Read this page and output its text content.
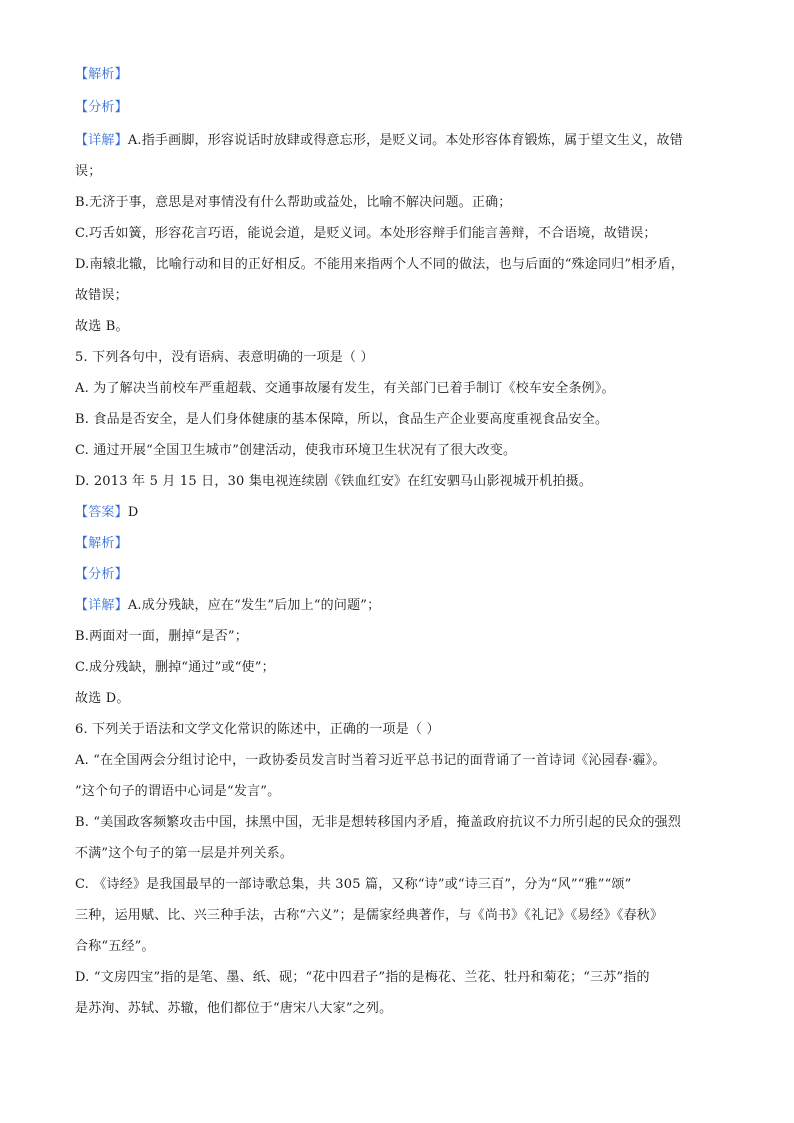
【解析】
【分析】
【详解】A.指手画脚，形容说话时放肆或得意忘形，是贬义词。本处形容体育锻炼，属于望文生义，故错
误；
B.无济于事，意思是对事情没有什么帮助或益处，比喻不解决问题。正确；
C.巧舌如簧，形容花言巧语，能说会道，是贬义词。本处形容辩手们能言善辩，不合语境，故错误；
D.南辕北辙，比喻行动和目的正好相反。不能用来指两个人不同的做法，也与后面的“殊途同归”相矛盾，
故错误；
故选 B。
5. 下列各句中，没有语病、表意明确的一项是（ ）
A. 为了解决当前校车严重超载、交通事故屡有发生，有关部门已着手制订《校车安全条例》。
B. 食品是否安全，是人们身体健康的基本保障，所以，食品生产企业要高度重视食品安全。
C. 通过开展“全国卫生城市”创建活动，使我市环境卫生状况有了很大改变。
D. 2013 年 5 月 15 日，30 集电视连续剧《铁血红安》在红安驷马山影视城开机拍摄。
【答案】D
【解析】
【分析】
【详解】A.成分残缺，应在“发生”后加上“的问题”；
B.两面对一面，删掉“是否”；
C.成分残缺，删掉“通过”或“使”；
故选 D。
6. 下列关于语法和文学文化常识的陈述中，正确的一项是（ ）
A. “在全国两会分组讨论中，一政协委员发言时当着习近平总书记的面背诵了一首诗词《沁园春·霾》。
”这个句子的谓语中心词是“发言”。
B. “美国政客频繁攻击中国，抹黑中国，无非是想转移国内矛盾，掩盖政府抗议不力所引起的民众的强烈
不满”这个句子的第一层是并列关系。
C. 《诗经》是我国最早的一部诗歌总集，共 305 篇，又称“诗”或“诗三百”，分为“风”“雅”“颂”
三种，运用赋、比、兴三种手法，古称“六义”；是儒家经典著作，与《尚书》《礼记》《易经》《春秋》
合称“五经”。
D. “文房四宝”指的是笔、墨、纸、砚；“花中四君子”指的是梅花、兰花、牡丹和菊花；“三苏”指的
是苏洵、苏轼、苏辙，他们都位于“唐宋八大家”之列。
